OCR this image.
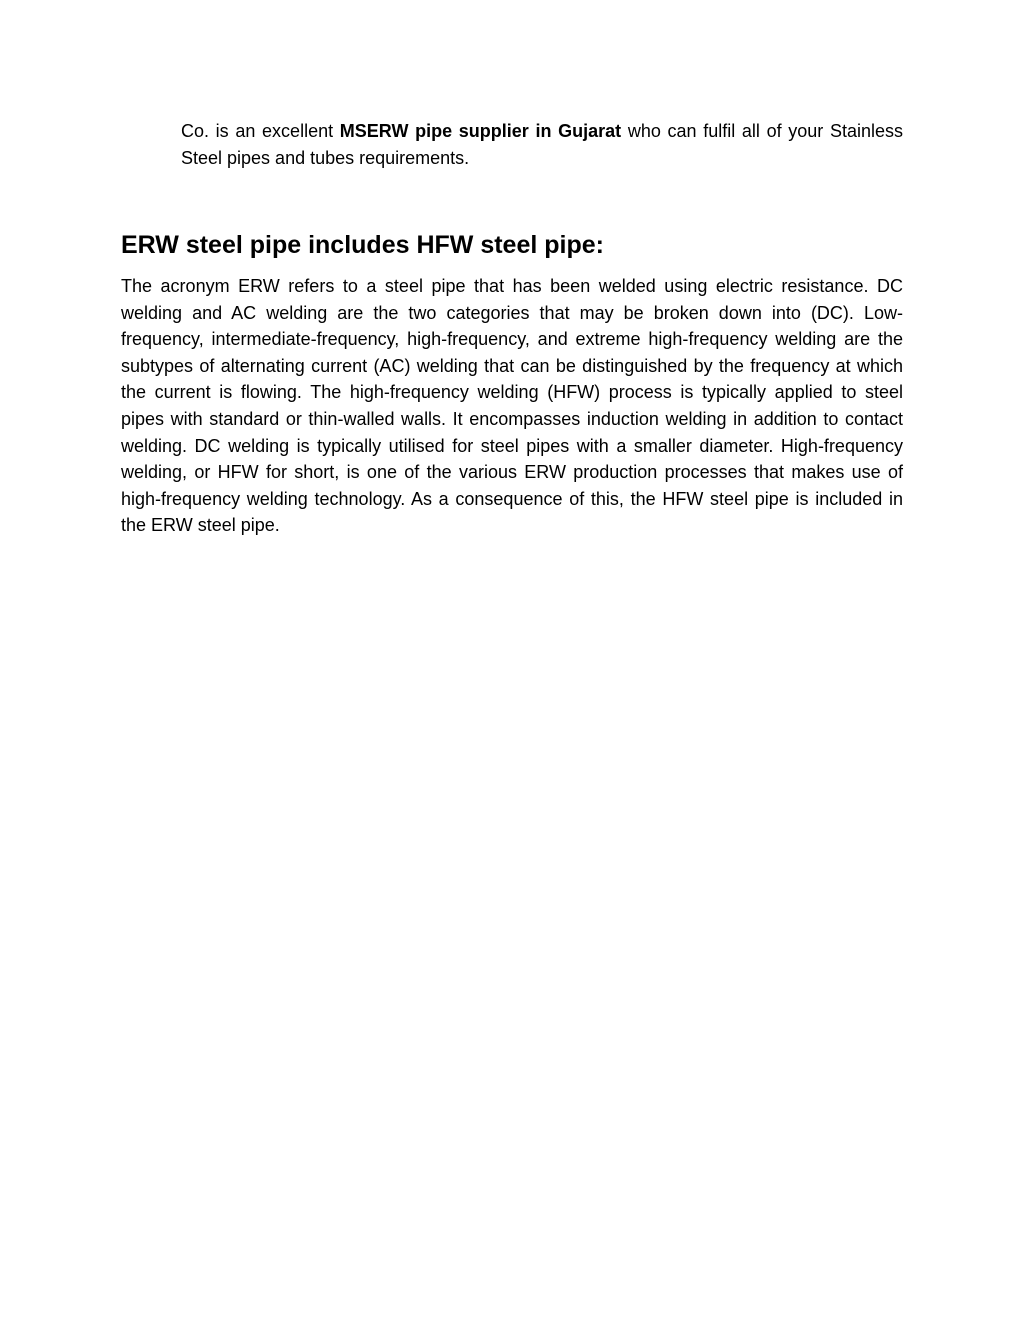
Co. is an excellent MSERW pipe supplier in Gujarat who can fulfil all of your Stainless Steel pipes and tubes requirements.

ERW steel pipe includes HFW steel pipe:

The acronym ERW refers to a steel pipe that has been welded using electric resistance. DC welding and AC welding are the two categories that may be broken down into (DC). Low-frequency, intermediate-frequency, high-frequency, and extreme high-frequency welding are the subtypes of alternating current (AC) welding that can be distinguished by the frequency at which the current is flowing. The high-frequency welding (HFW) process is typically applied to steel pipes with standard or thin-walled walls. It encompasses induction welding in addition to contact welding. DC welding is typically utilised for steel pipes with a smaller diameter. High-frequency welding, or HFW for short, is one of the various ERW production processes that makes use of high-frequency welding technology. As a consequence of this, the HFW steel pipe is included in the ERW steel pipe.
